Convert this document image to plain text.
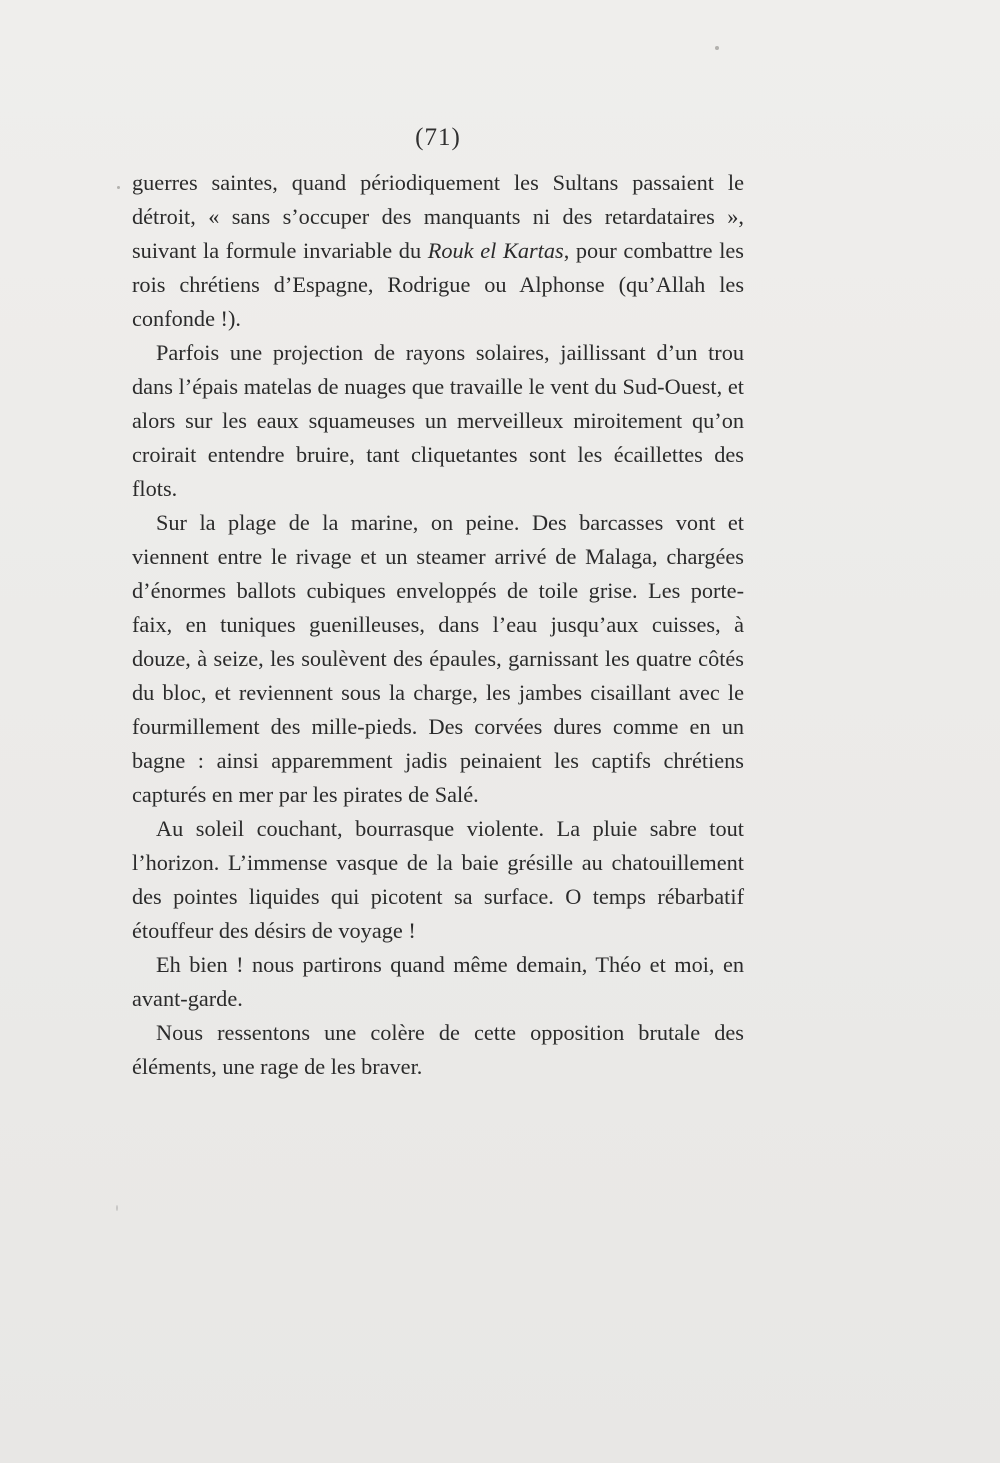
(71)

guerres saintes, quand périodiquement les Sultans passaient le détroit, « sans s’occuper des manquants ni des retardataires », suivant la formule invariable du Rouk el Kartas, pour combattre les rois chrétiens d’Espagne, Rodrigue ou Alphonse (qu’Allah les confonde !).

Parfois une projection de rayons solaires, jaillissant d’un trou dans l’épais matelas de nuages que travaille le vent du Sud-Ouest, et alors sur les eaux squameuses un merveilleux miroitement qu’on croirait entendre bruire, tant cliquetantes sont les écaillettes des flots.

Sur la plage de la marine, on peine. Des barcasses vont et viennent entre le rivage et un steamer arrivé de Malaga, chargées d’énormes ballots cubiques enveloppés de toile grise. Les porte-faix, en tuniques guenilleuses, dans l’eau jusqu’aux cuisses, à douze, à seize, les soulèvent des épaules, garnissant les quatre côtés du bloc, et reviennent sous la charge, les jambes cisaillant avec le fourmillement des mille-pieds. Des corvées dures comme en un bagne : ainsi apparemment jadis peinaient les captifs chrétiens capturés en mer par les pirates de Salé.

Au soleil couchant, bourrasque violente. La pluie sabre tout l’horizon. L’immense vasque de la baie grésille au chatouillement des pointes liquides qui picotent sa surface. O temps rébarbatif étouffeur des désirs de voyage !

Eh bien ! nous partirons quand même demain, Théo et moi, en avant-garde.

Nous ressentons une colère de cette opposition brutale des éléments, une rage de les braver.
